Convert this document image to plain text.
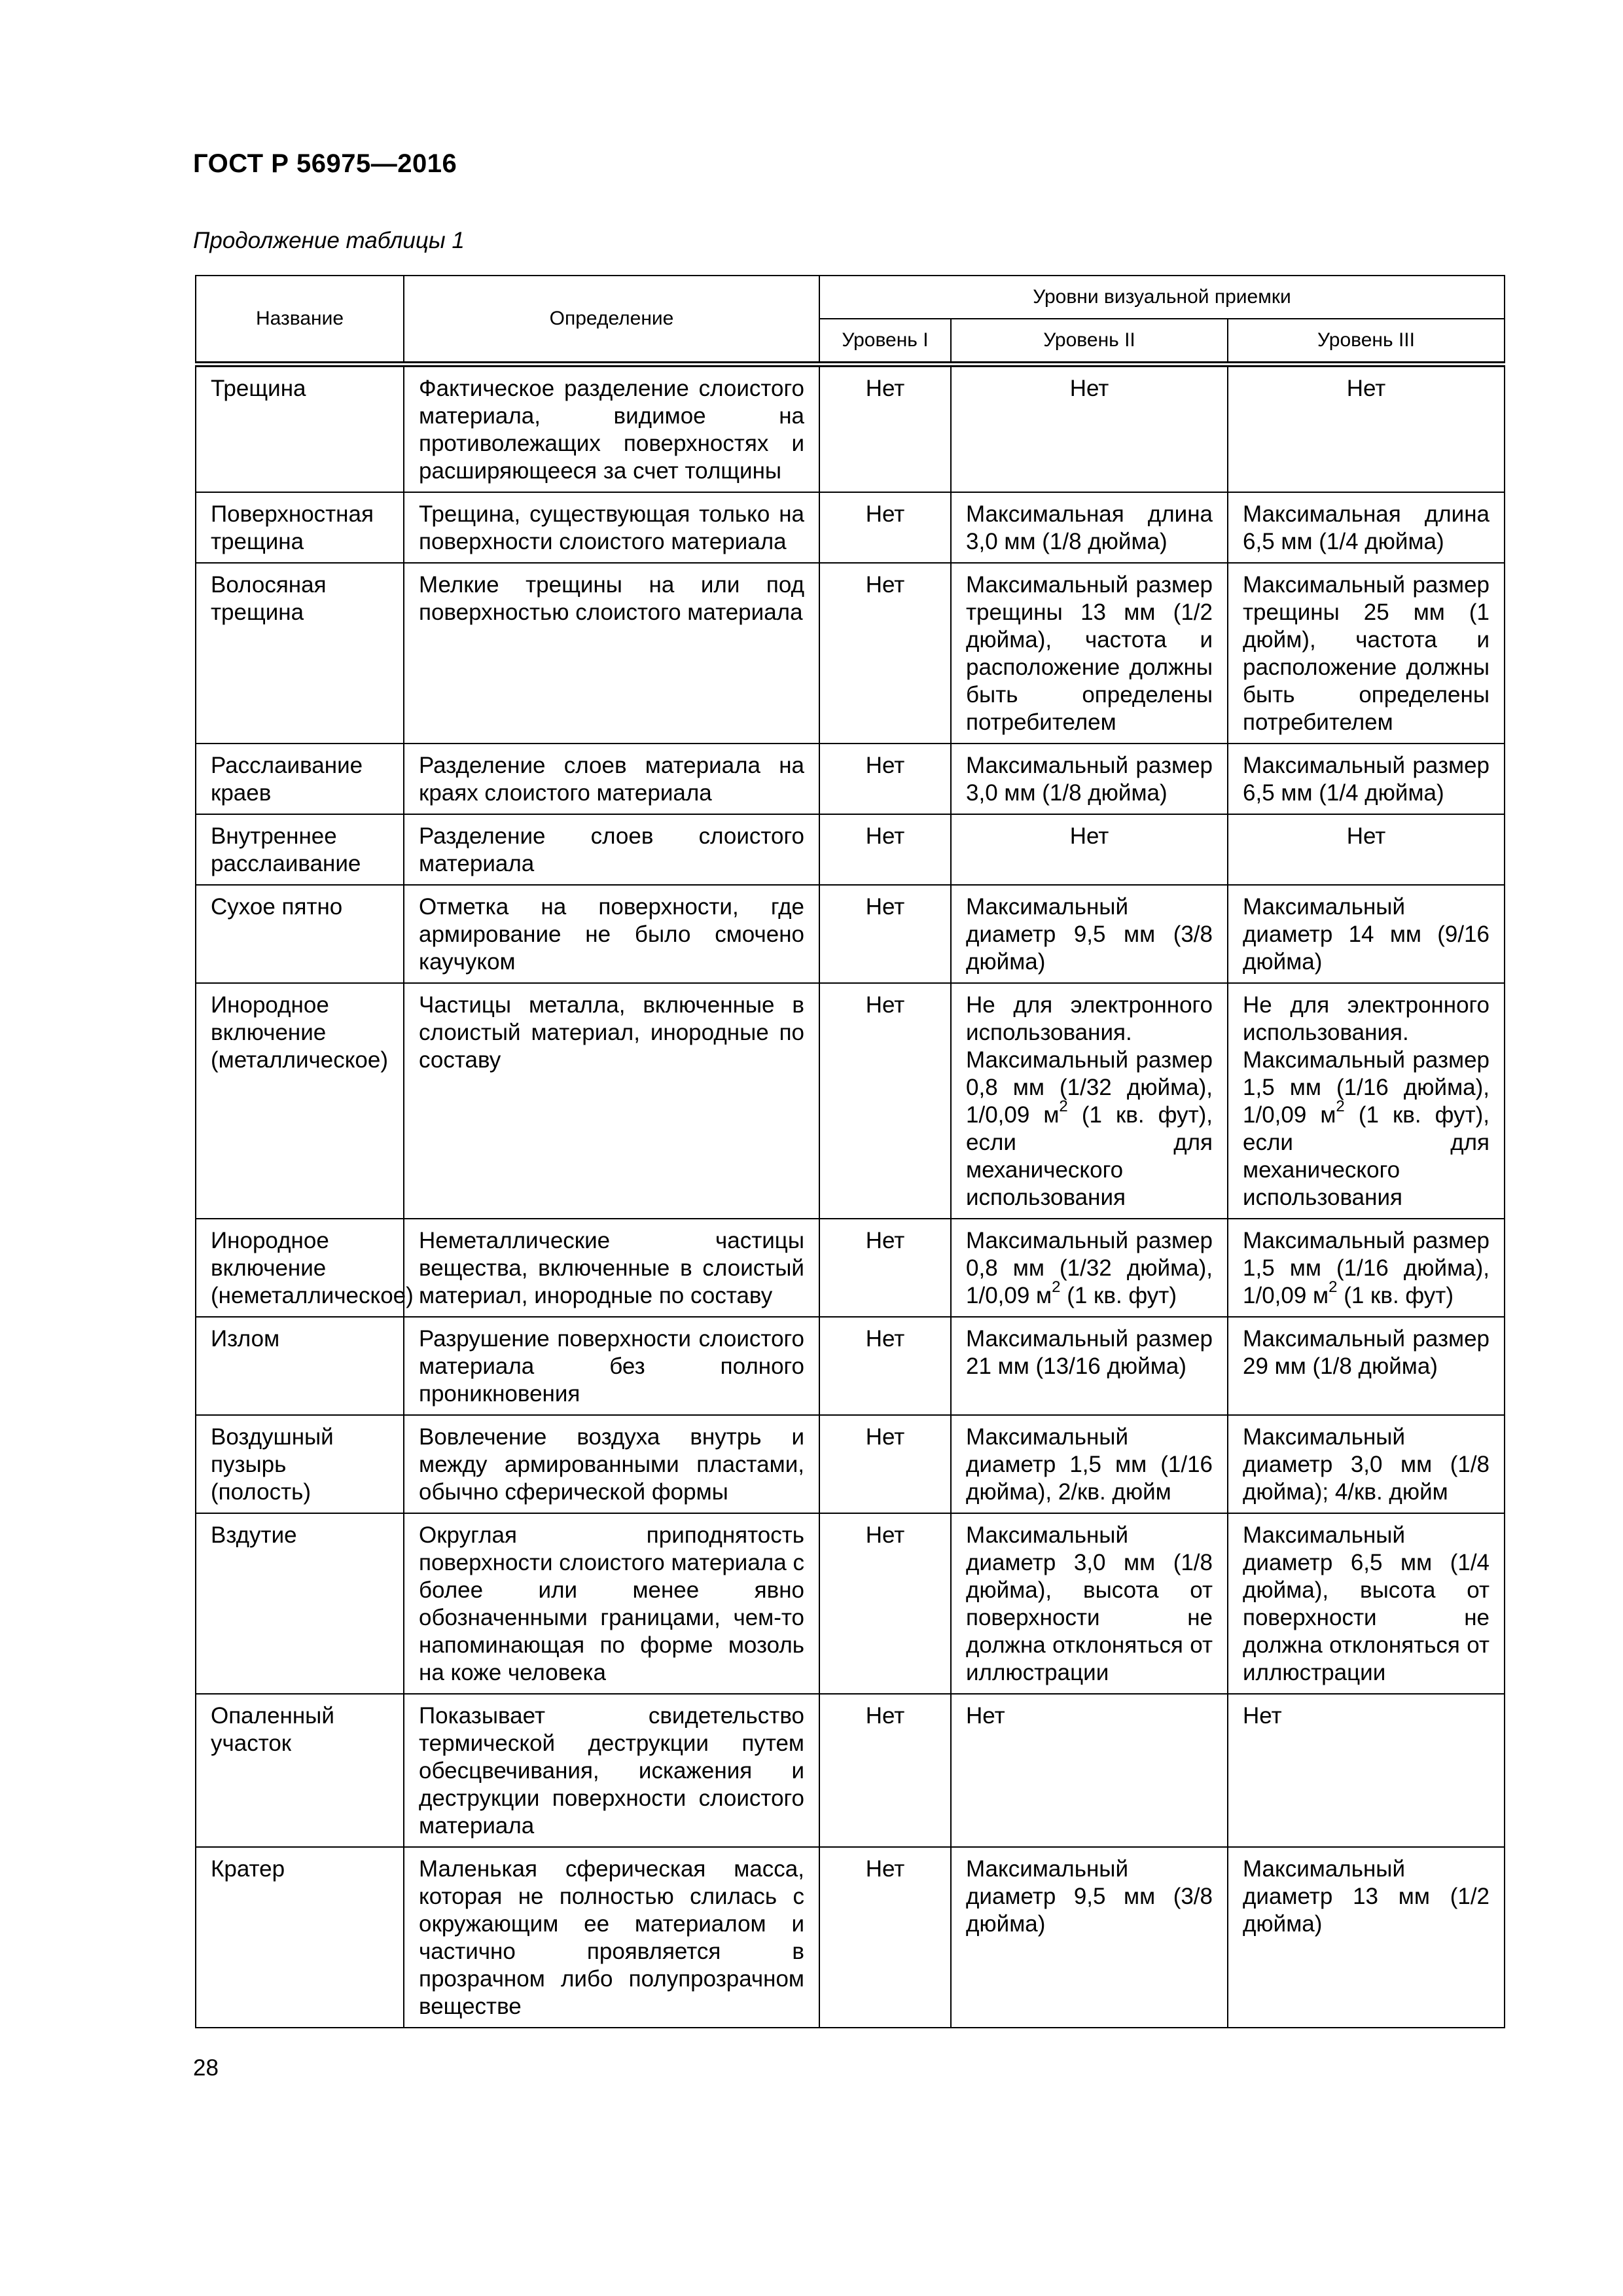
ГОСТ Р 56975—2016
Продолжение таблицы 1
Название	Определение	Уровни визуальной приемки		
		Уровень I	Уровень II	Уровень III
Трещина	Фактическое разделение слоистого материала, видимое на противолежащих поверхностях и расширяющееся за счет толщины	Нет	Нет	Нет
Поверхностная трещина	Трещина, существующая только на поверхности слоистого материала	Нет	Максимальная длина 3,0 мм (1/8 дюйма)	Максимальная длина 6,5 мм (1/4 дюйма)
Волосяная трещина	Мелкие трещины на или под поверхностью слоистого материала	Нет	Максимальный размер трещины 13 мм (1/2 дюйма), частота и расположение должны быть определены потребителем	Максимальный размер трещины 25 мм (1 дюйм), частота и расположение должны быть определены потребителем
Расслаивание краев	Разделение слоев материала на краях слоистого материала	Нет	Максимальный размер 3,0 мм (1/8 дюйма)	Максимальный размер 6,5 мм (1/4 дюйма)
Внутреннее расслаивание	Разделение слоев слоистого материала	Нет	Нет	Нет
Сухое пятно	Отметка на поверхности, где армирование не было смочено каучуком	Нет	Максимальный диаметр 9,5 мм (3/8 дюйма)	Максимальный диаметр 14 мм (9/16 дюйма)
Инородное включение (металлическое)	Частицы металла, включенные в слоистый материал, инородные по составу	Нет	Не для электронного использования. Максимальный размер 0,8 мм (1/32 дюйма), 1/0,09 $м^2$ (1 кв. фут), если для механического использования	Не для электронного использования. Максимальный размер 1,5 мм (1/16 дюйма), 1/0,09 $м^2$ (1 кв. фут), если для механического использования
Инородное включение (неметаллическое)	Неметаллические частицы вещества, включенные в слоистый материал, инородные по составу	Нет	Максимальный размер 0,8 мм (1/32 дюйма), 1/0,09 $м^2$ (1 кв. фут)	Максимальный размер 1,5 мм (1/16 дюйма), 1/0,09 $м^2$ (1 кв. фут)
Излом	Разрушение поверхности слоистого материала без полного проникновения	Нет	Максимальный размер 21 мм (13/16 дюйма)	Максимальный размер 29 мм (1/8 дюйма)
Воздушный пузырь (полость)	Вовлечение воздуха внутрь и между армированными пластами, обычно сферической формы	Нет	Максимальный диаметр 1,5 мм (1/16 дюйма), 2/кв. дюйм	Максимальный диаметр 3,0 мм (1/8 дюйма); 4/кв. дюйм
Вздутие	Округлая приподнятость поверхности слоистого материала с более или менее явно обозначенными границами, чем-то напоминающая по форме мозоль на коже человека	Нет	Максимальный диаметр 3,0 мм (1/8 дюйма), высота от поверхности не должна отклоняться от иллюстрации	Максимальный диаметр 6,5 мм (1/4 дюйма), высота от поверхности не должна отклоняться от иллюстрации
Опаленный участок	Показывает свидетельство термической деструкции путем обесцвечивания, искажения и деструкции поверхности слоистого материала	Нет	Нет	Нет
Кратер	Маленькая сферическая масса, которая не полностью слилась с окружающим ее материалом и частично проявляется в прозрачном либо полупрозрачном веществе	Нет	Максимальный диаметр 9,5 мм (3/8 дюйма)	Максимальный диаметр 13 мм (1/2 дюйма)
28
